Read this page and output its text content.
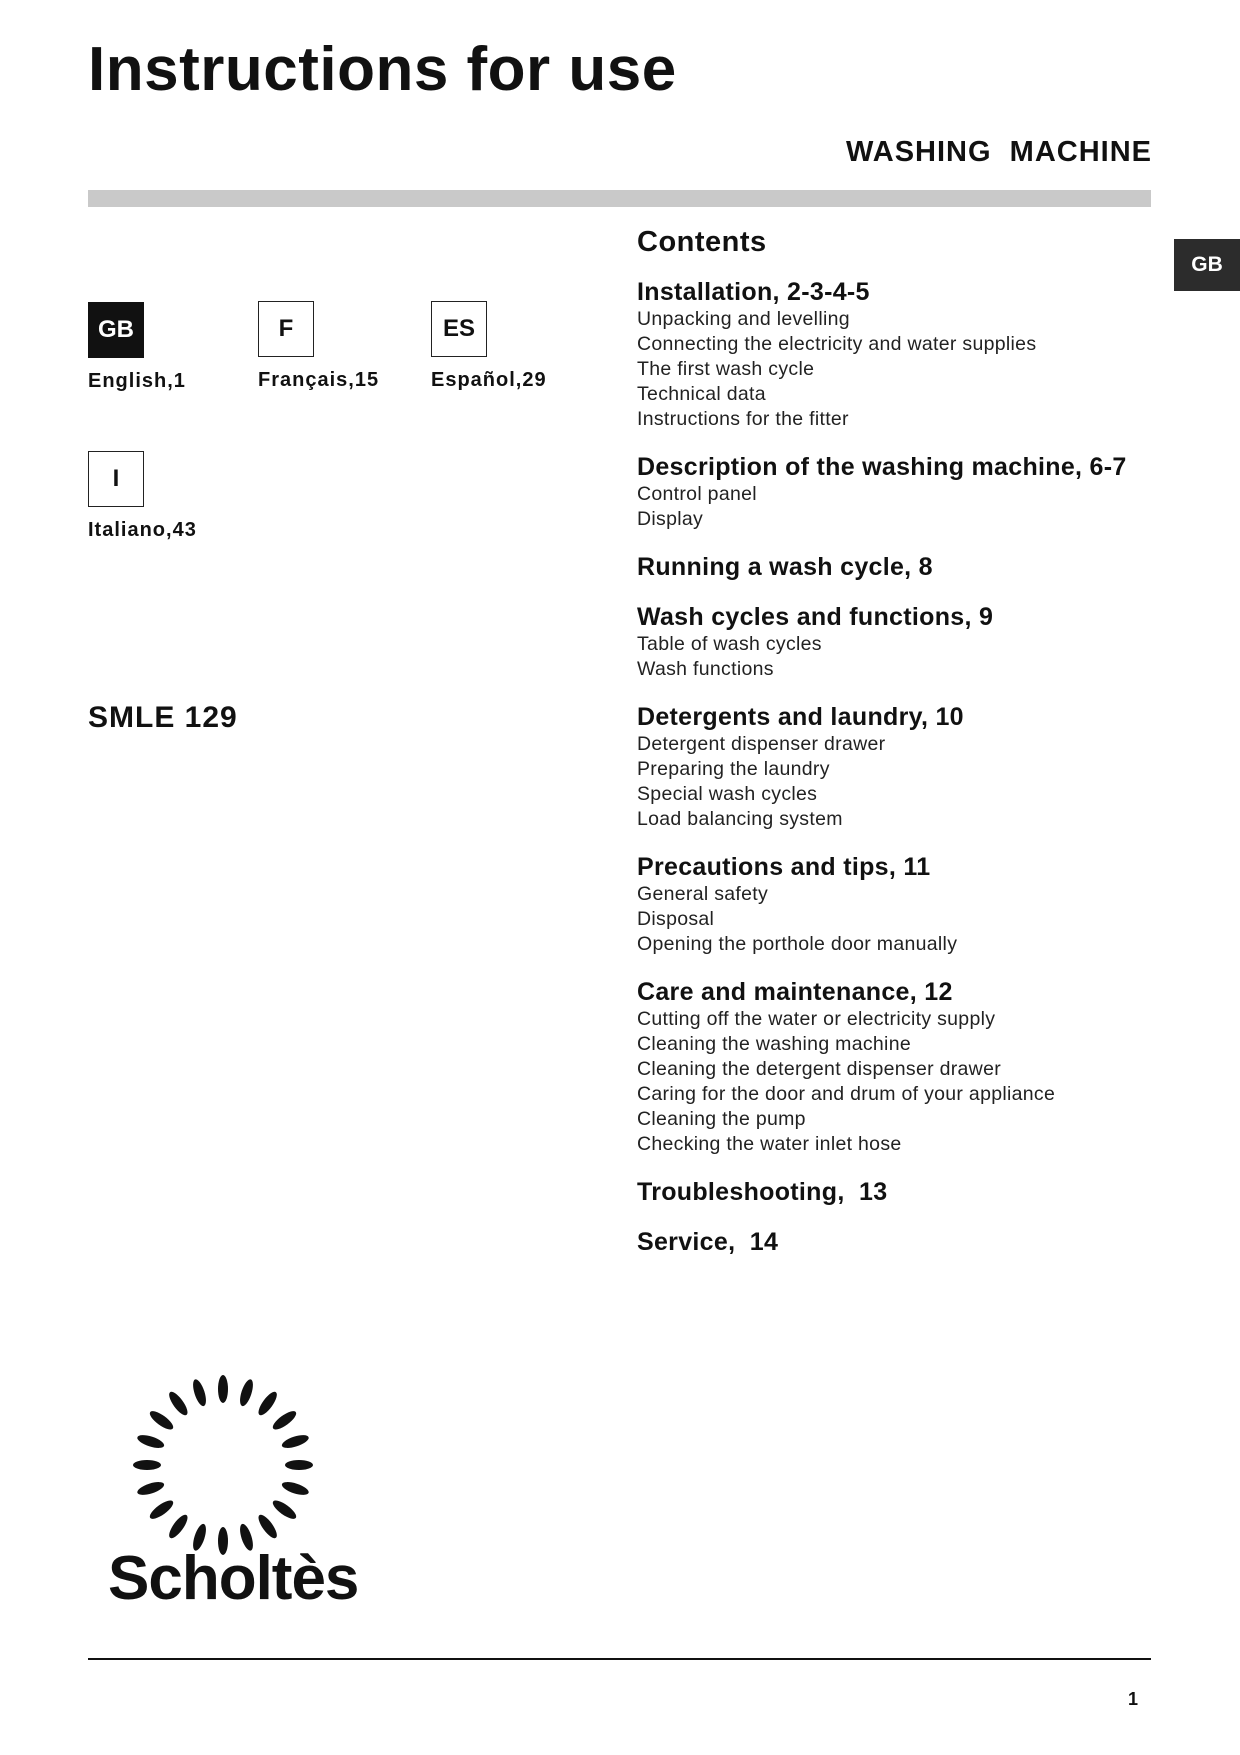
Instructions for use
WASHING  MACHINE
GB
GB
English,1
F
Français,15
ES
Español,29
I
Italiano,43
SMLE 129
Contents
Installation, 2-3-4-5
Unpacking and levelling
Connecting the electricity and water supplies
The first wash cycle
Technical data
Instructions for the fitter
Description of the washing machine, 6-7
Control panel
Display
Running a wash cycle, 8
Wash cycles and functions, 9
Table of wash cycles
Wash functions
Detergents and laundry, 10
Detergent dispenser drawer
Preparing the laundry
Special wash cycles
Load balancing system
Precautions and tips, 11
General safety
Disposal
Opening the porthole door manually
Care and maintenance, 12
Cutting off the water or electricity supply
Cleaning the washing machine
Cleaning the detergent dispenser drawer
Caring for the door and drum of your appliance
Cleaning the pump
Checking the water inlet hose
Troubleshooting,  13
Service,  14
Scholtès
1
